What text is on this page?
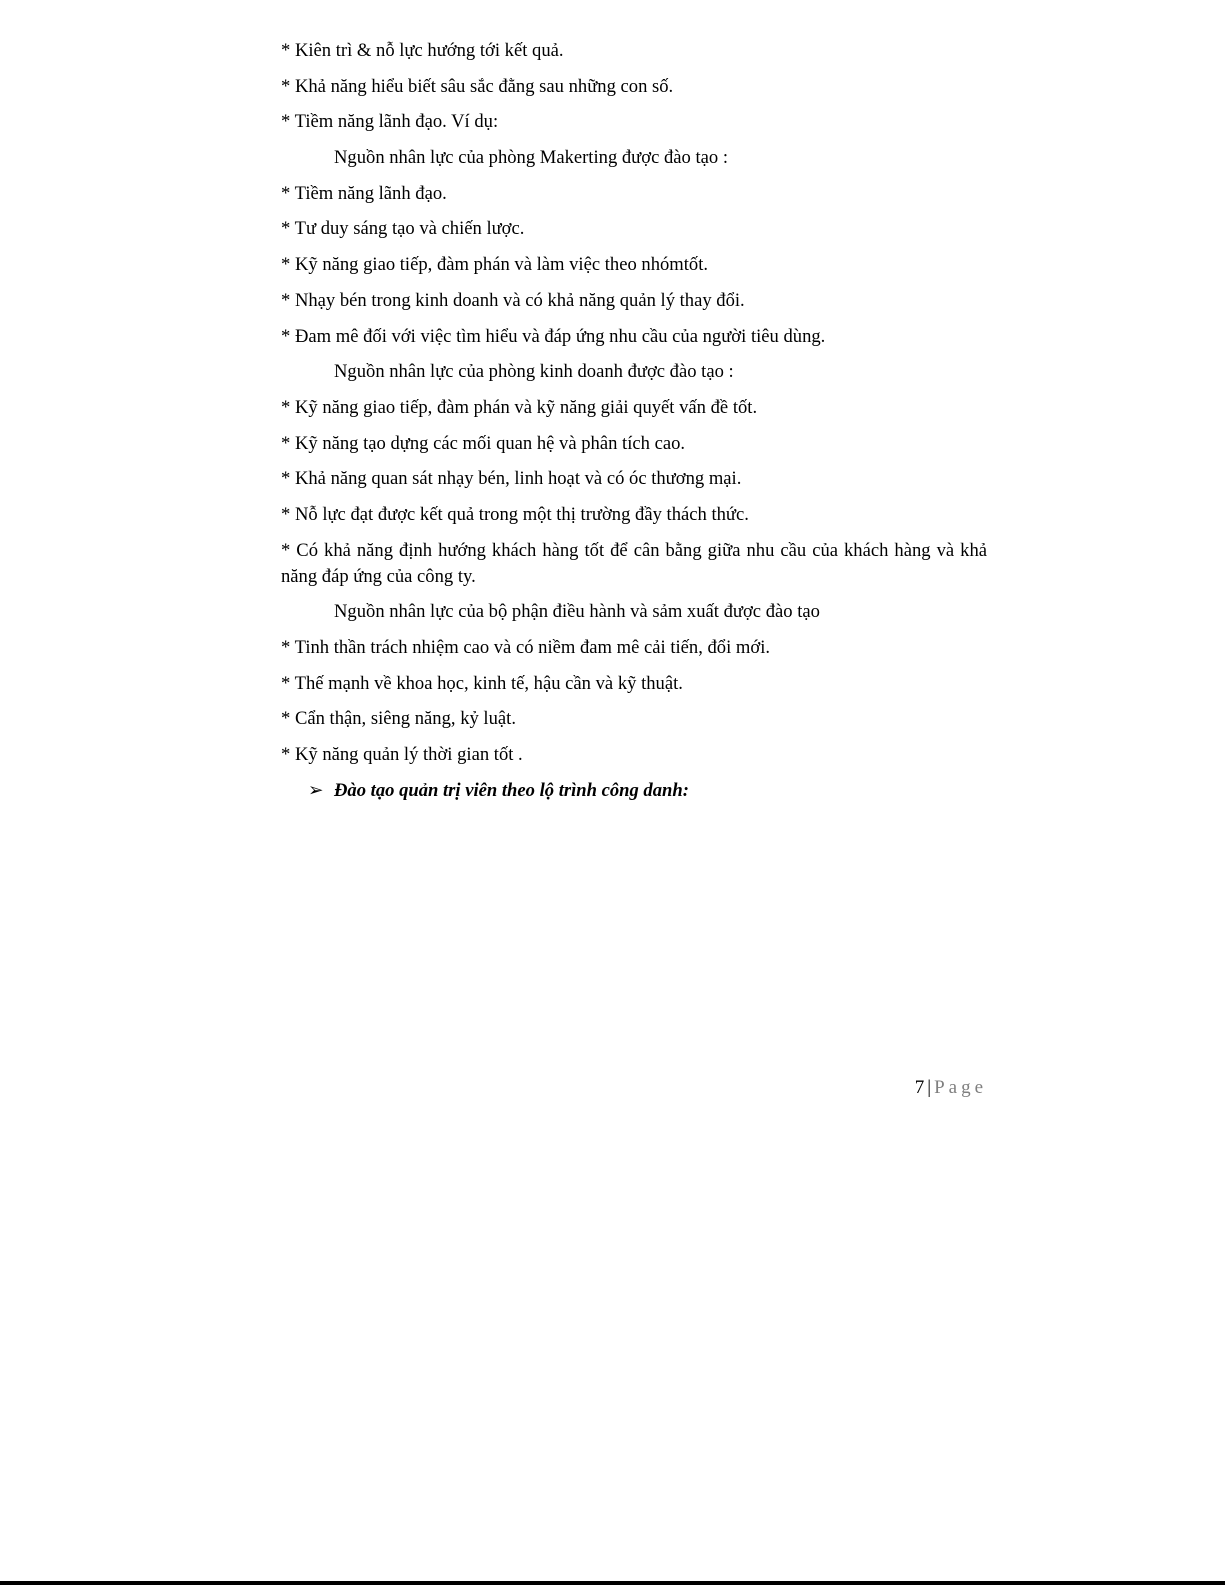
* Kiên trì & nỗ lực hướng tới kết quả.

* Khả năng hiểu biết sâu sắc đằng sau những con số.

* Tiềm năng lãnh đạo. Ví dụ:

Nguồn nhân lực của phòng Makerting được đào tạo :

* Tiềm năng lãnh đạo.

* Tư duy sáng tạo và chiến lược.

* Kỹ năng giao tiếp, đàm phán và làm việc theo nhómtốt.

* Nhạy bén trong kinh doanh và có khả năng quản lý thay đổi.

* Đam mê đối với việc tìm hiểu và đáp ứng nhu cầu của người tiêu dùng.

Nguồn nhân lực của phòng kinh doanh được đào tạo :

* Kỹ năng giao tiếp, đàm phán và kỹ năng giải quyết vấn đề tốt.

* Kỹ năng tạo dựng các mối quan hệ và phân tích cao.

* Khả năng quan sát nhạy bén, linh hoạt và có óc thương mại.

* Nỗ lực đạt được kết quả trong một thị trường đầy thách thức.

* Có khả năng định hướng khách hàng tốt để cân bằng giữa nhu cầu của khách hàng và khả năng đáp ứng của công ty.

Nguồn nhân lực của bộ phận điều hành và sảm xuất được đào tạo

* Tinh thần trách nhiệm cao và có niềm đam mê cải tiến, đổi mới.

* Thế mạnh về khoa học, kinh tế, hậu cần và kỹ thuật.

* Cẩn thận, siêng năng, kỷ luật.

* Kỹ năng quản lý thời gian tốt .

➢ Đào tạo quản trị viên theo lộ trình công danh:

7 | Page
